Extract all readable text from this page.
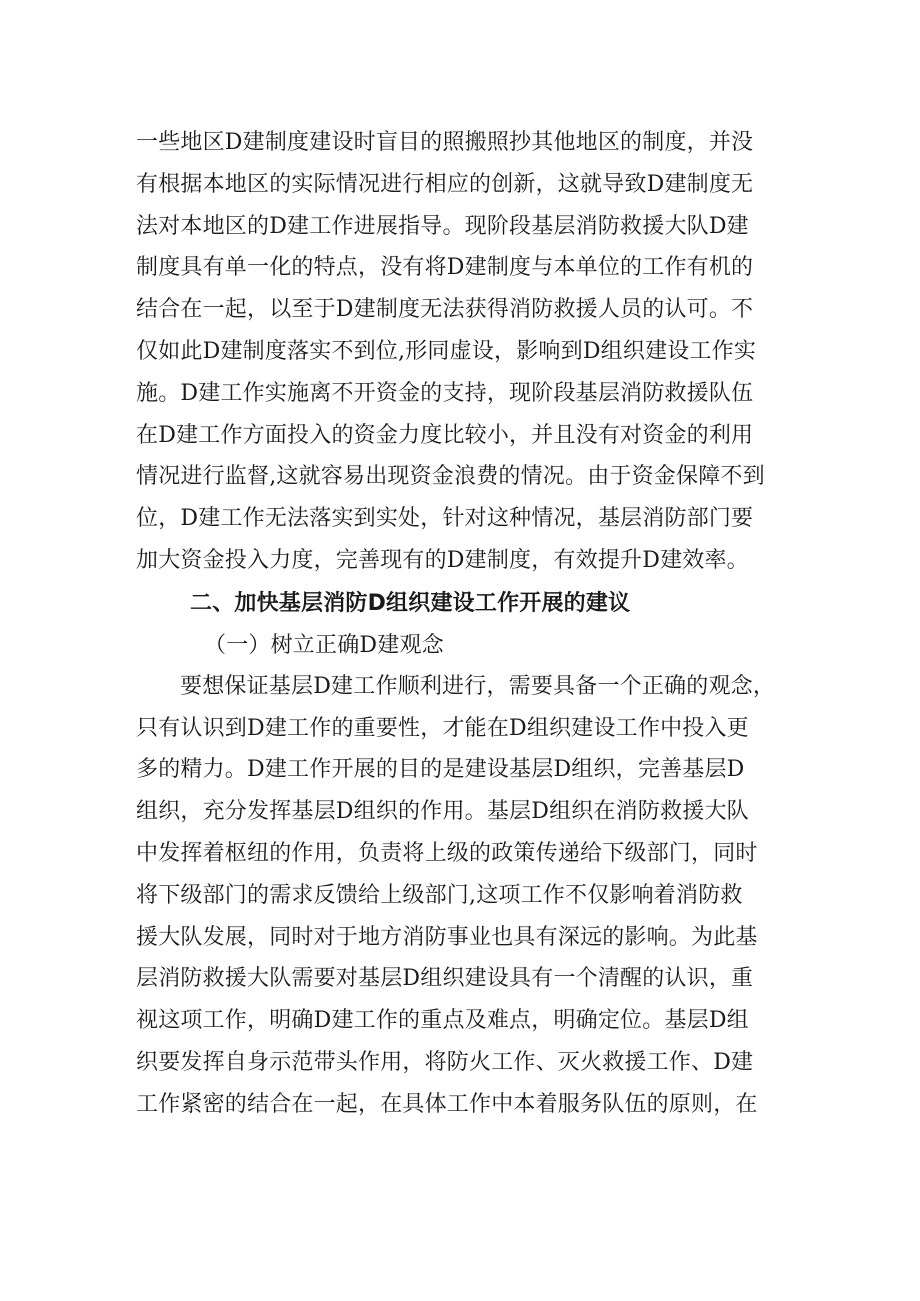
一些地区D建制度建设时盲目的照搬照抄其他地区的制度，并没
有根据本地区的实际情况进行相应的创新，这就导致D建制度无
法对本地区的D建工作进展指导。现阶段基层消防救援大队D建
制度具有单一化的特点，没有将D建制度与本单位的工作有机的
结合在一起，以至于D建制度无法获得消防救援人员的认可。不
仅如此D建制度落实不到位,形同虚设，影响到D组织建设工作实
施。D建工作实施离不开资金的支持，现阶段基层消防救援队伍
在D建工作方面投入的资金力度比较小，并且没有对资金的利用
情况进行监督,这就容易出现资金浪费的情况。由于资金保障不到
位，D建工作无法落实到实处，针对这种情况，基层消防部门要
加大资金投入力度，完善现有的D建制度，有效提升D建效率。
二、加快基层消防D组织建设工作开展的建议
（一）树立正确D建观念
要想保证基层D建工作顺利进行，需要具备一个正确的观念，
只有认识到D建工作的重要性，才能在D组织建设工作中投入更
多的精力。D建工作开展的目的是建设基层D组织，完善基层D
组织，充分发挥基层D组织的作用。基层D组织在消防救援大队
中发挥着枢纽的作用，负责将上级的政策传递给下级部门，同时
将下级部门的需求反馈给上级部门,这项工作不仅影响着消防救
援大队发展，同时对于地方消防事业也具有深远的影响。为此基
层消防救援大队需要对基层D组织建设具有一个清醒的认识，重
视这项工作，明确D建工作的重点及难点，明确定位。基层D组
织要发挥自身示范带头作用，将防火工作、灭火救援工作、D建
工作紧密的结合在一起，在具体工作中本着服务队伍的原则，在
